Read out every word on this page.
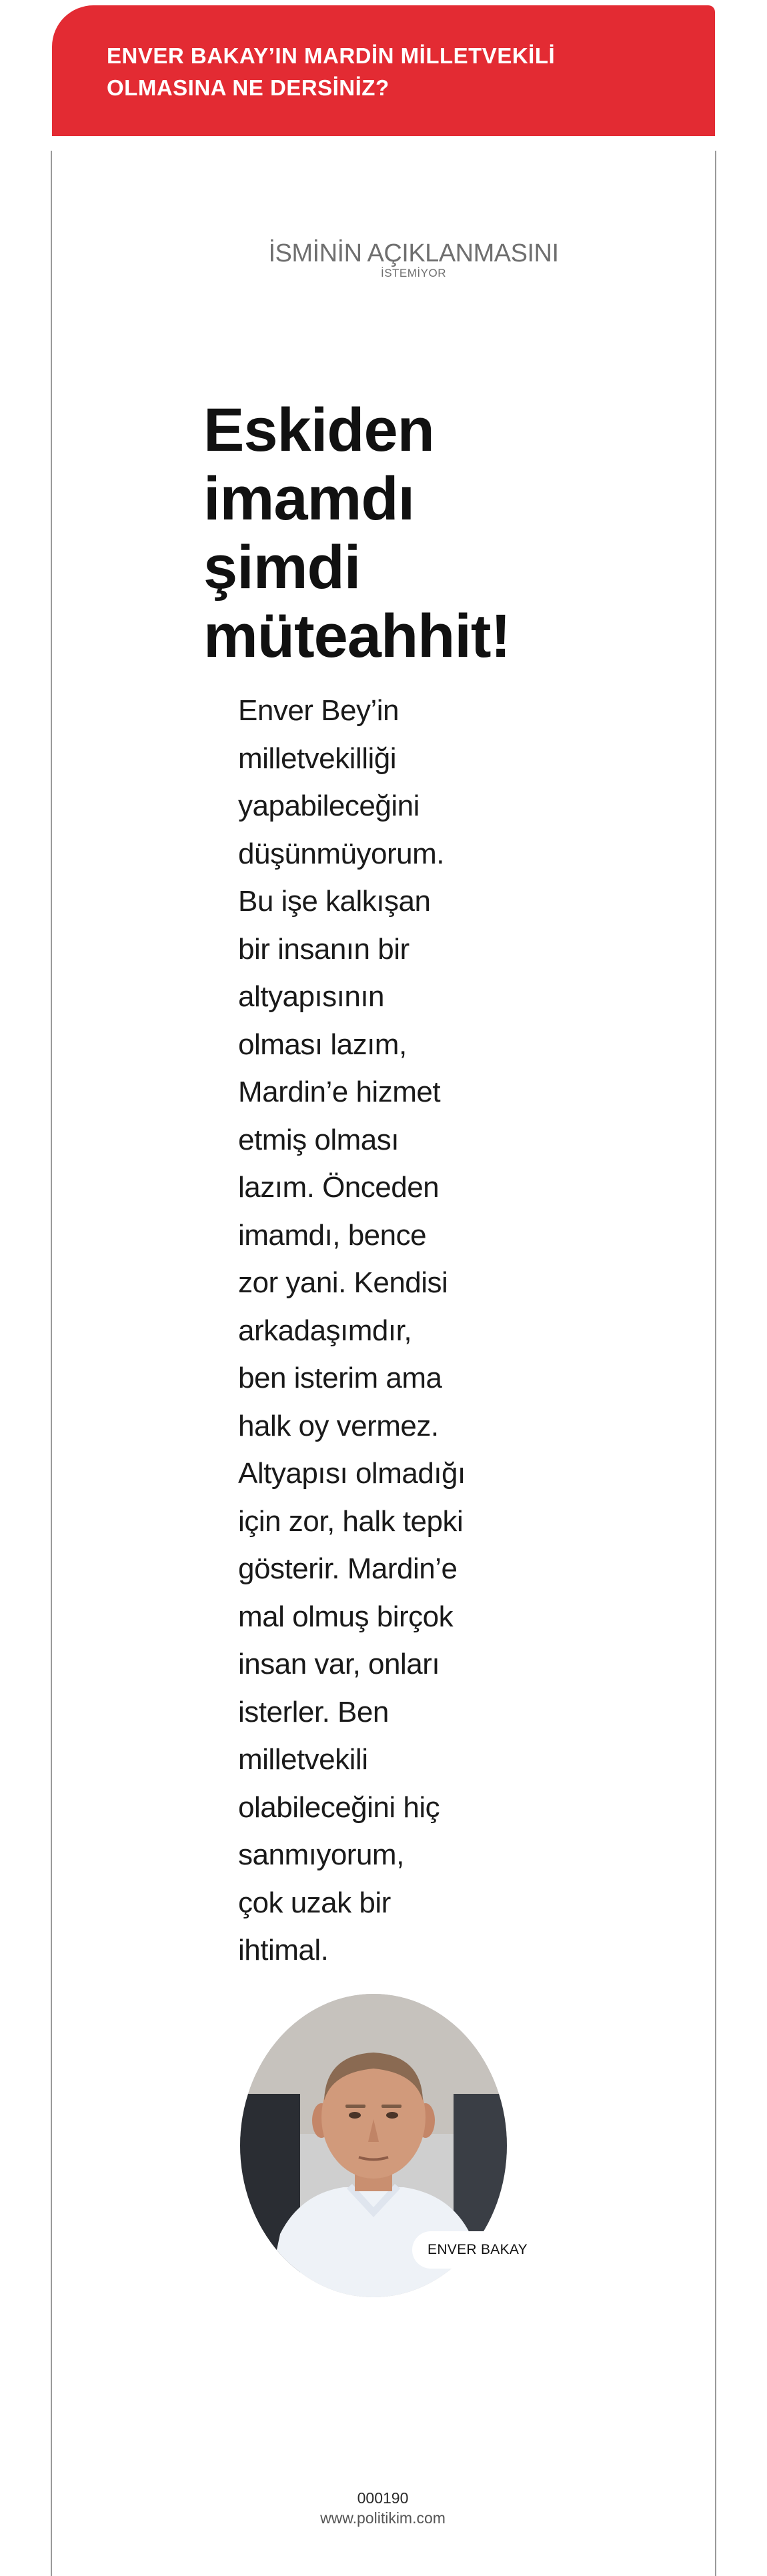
ENVER BAKAY’IN MARDİN MİLLETVEKİLİ
OLMASINA NE DERSİNİZ?
İSMİNİN AÇIKLANMASINI
İSTEMİYOR
Eskiden
imamdı
şimdi
müteahhit!

Enver Bey’in
milletvekilliği
yapabileceğini
düşünmüyorum.
Bu işe kalkışan
bir insanın bir
altyapısının
olması lazım,
Mardin’e hizmet
etmiş olması
lazım. Önceden
imamdı, bence
zor yani. Kendisi
arkadaşımdır,
ben isterim ama
halk oy vermez.
Altyapısı olmadığı
için zor, halk tepki
gösterir. Mardin’e
mal olmuş birçok
insan var, onları
isterler. Ben
milletvekili
olabileceğini hiç
sanmıyorum,
çok uzak bir
ihtimal.

ENVER BAKAY
000190
www.politikim.com
